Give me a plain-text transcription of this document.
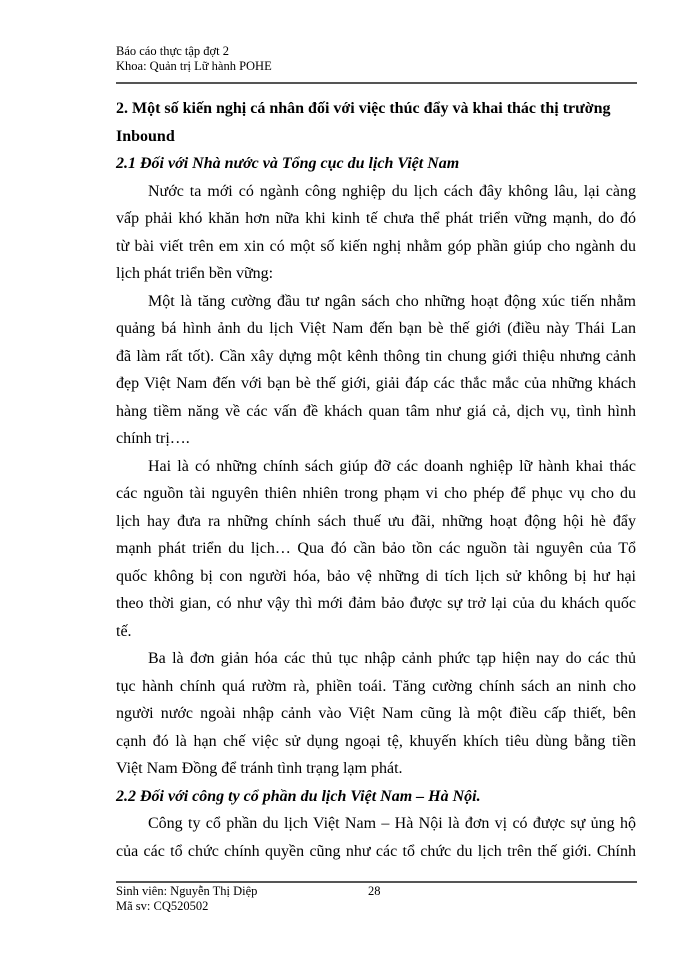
Báo cáo thực tập đợt 2
Khoa: Quản trị Lữ hành POHE
2. Một số kiến nghị cá nhân đối với việc thúc đẩy và khai thác thị trường
Inbound
2.1 Đối với Nhà nước và Tổng cục du lịch Việt Nam
Nước ta mới có ngành công nghiệp du lịch cách đây không lâu, lại càng
vấp phải khó khăn hơn nữa khi kinh tế chưa thể phát triển vững mạnh, do đó
từ bài viết trên em xin có một số kiến nghị nhằm góp phần giúp cho ngành du
lịch phát triển bền vững:
Một là tăng cường đầu tư ngân sách cho những hoạt động xúc tiến nhằm
quảng bá hình ảnh du lịch Việt Nam đến bạn bè thế giới (điều này Thái Lan
đã làm rất tốt). Cần xây dựng một kênh thông tin chung giới thiệu nhưng cảnh
đẹp Việt Nam đến với bạn bè thế giới, giải đáp các thắc mắc của những khách
hàng tiềm năng về các vấn đề khách quan tâm như giá cả, dịch vụ, tình hình
chính trị….
Hai là có những chính sách giúp đỡ các doanh nghiệp lữ hành khai thác
các nguồn tài nguyên thiên nhiên trong phạm vi cho phép để phục vụ cho du
lịch hay đưa ra những chính sách thuế ưu đãi, những hoạt động hội hè đẩy
mạnh phát triển du lịch… Qua đó cần bảo tồn các nguồn tài nguyên của Tổ
quốc không bị con người hóa, bảo vệ những di tích lịch sử không bị hư hại
theo thời gian, có như vậy thì mới đảm bảo được sự trở lại của du khách quốc
tế.
Ba là đơn giản hóa các thủ tục nhập cảnh phức tạp hiện nay do các thủ
tục hành chính quá rườm rà, phiền toái. Tăng cường chính sách an ninh cho
người nước ngoài nhập cảnh vào Việt Nam cũng là một điều cấp thiết, bên
cạnh đó là hạn chế việc sử dụng ngoại tệ, khuyến khích tiêu dùng bằng tiền
Việt Nam Đồng để tránh tình trạng lạm phát.
2.2 Đối với công ty cổ phần du lịch Việt Nam – Hà Nội.
Công ty cổ phần du lịch Việt Nam – Hà Nội là đơn vị có được sự ủng hộ
của các tổ chức chính quyền cũng như các tổ chức du lịch trên thế giới. Chính
Sinh viên: Nguyễn Thị Diệp
Mã sv: CQ520502
28
